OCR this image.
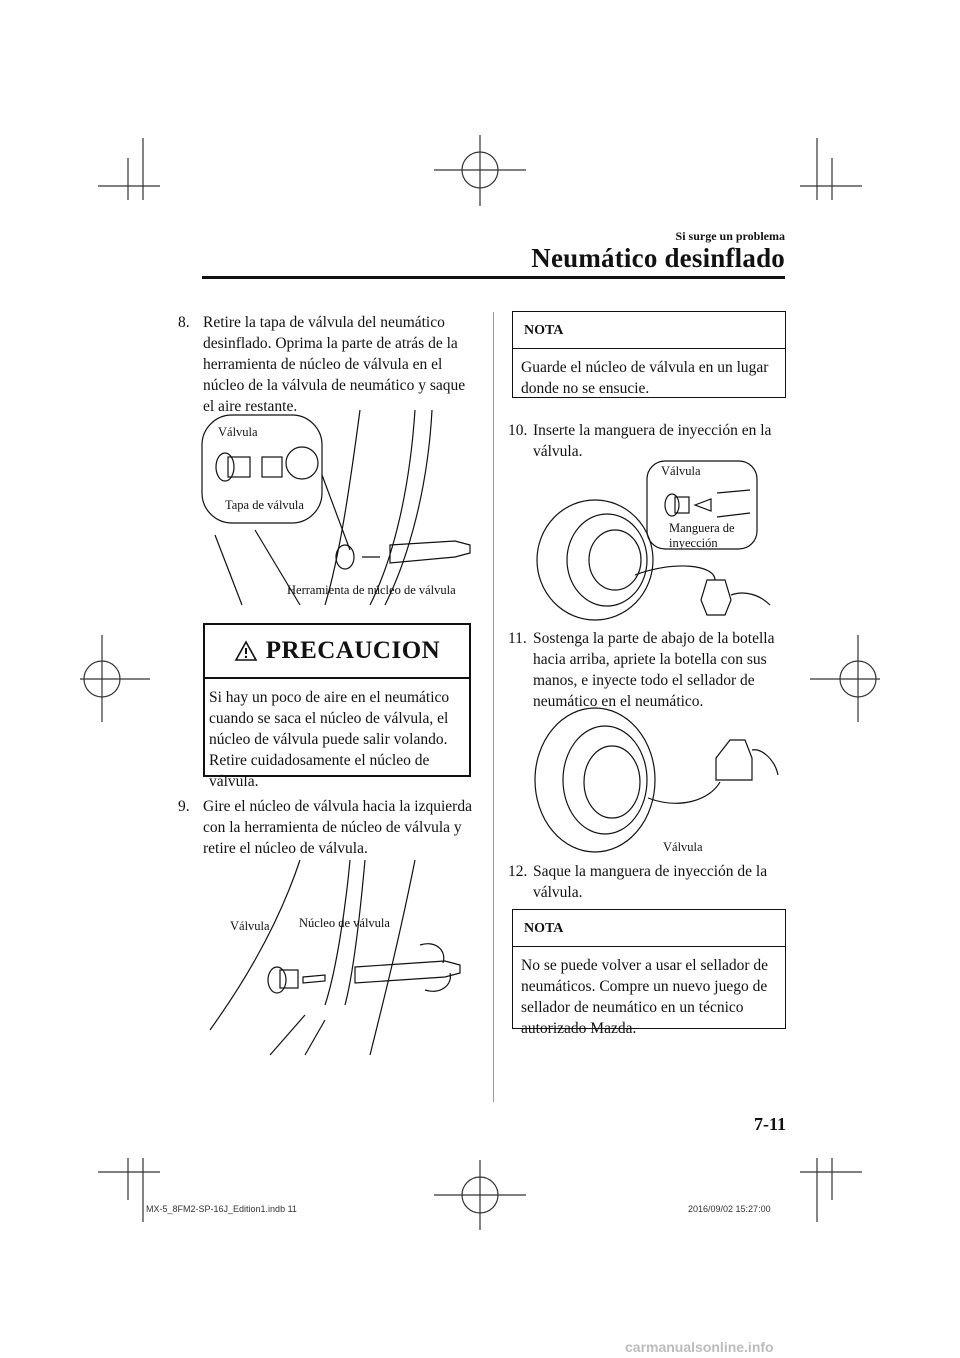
Si surge un problema
Neumático desinflado
8. Retire la tapa de válvula del neumático desinflado. Oprima la parte de atrás de la herramienta de núcleo de válvula en el núcleo de la válvula de neumático y saque el aire restante.
Válvula
Tapa de válvula
Herramienta de núcleo de válvula
PRECAUCION
Si hay un poco de aire en el neumático cuando se saca el núcleo de válvula, el núcleo de válvula puede salir volando. Retire cuidadosamente el núcleo de válvula.
9. Gire el núcleo de válvula hacia la izquierda con la herramienta de núcleo de válvula y retire el núcleo de válvula.
Válvula Núcleo de válvula
NOTA
Guarde el núcleo de válvula en un lugar donde no se ensucie.
10. Inserte la manguera de inyección en la válvula.
Válvula
Manguera de
inyección
11. Sostenga la parte de abajo de la botella hacia arriba, apriete la botella con sus manos, e inyecte todo el sellador de neumático en el neumático.
Válvula
12. Saque la manguera de inyección de la válvula.
NOTA
No se puede volver a usar el sellador de neumáticos. Compre un nuevo juego de sellador de neumático en un técnico autorizado Mazda.
7-11
MX-5_8FM2-SP-16J_Edition1.indb 11	2016/09/02 15:27:00
carmanualsonline.info
